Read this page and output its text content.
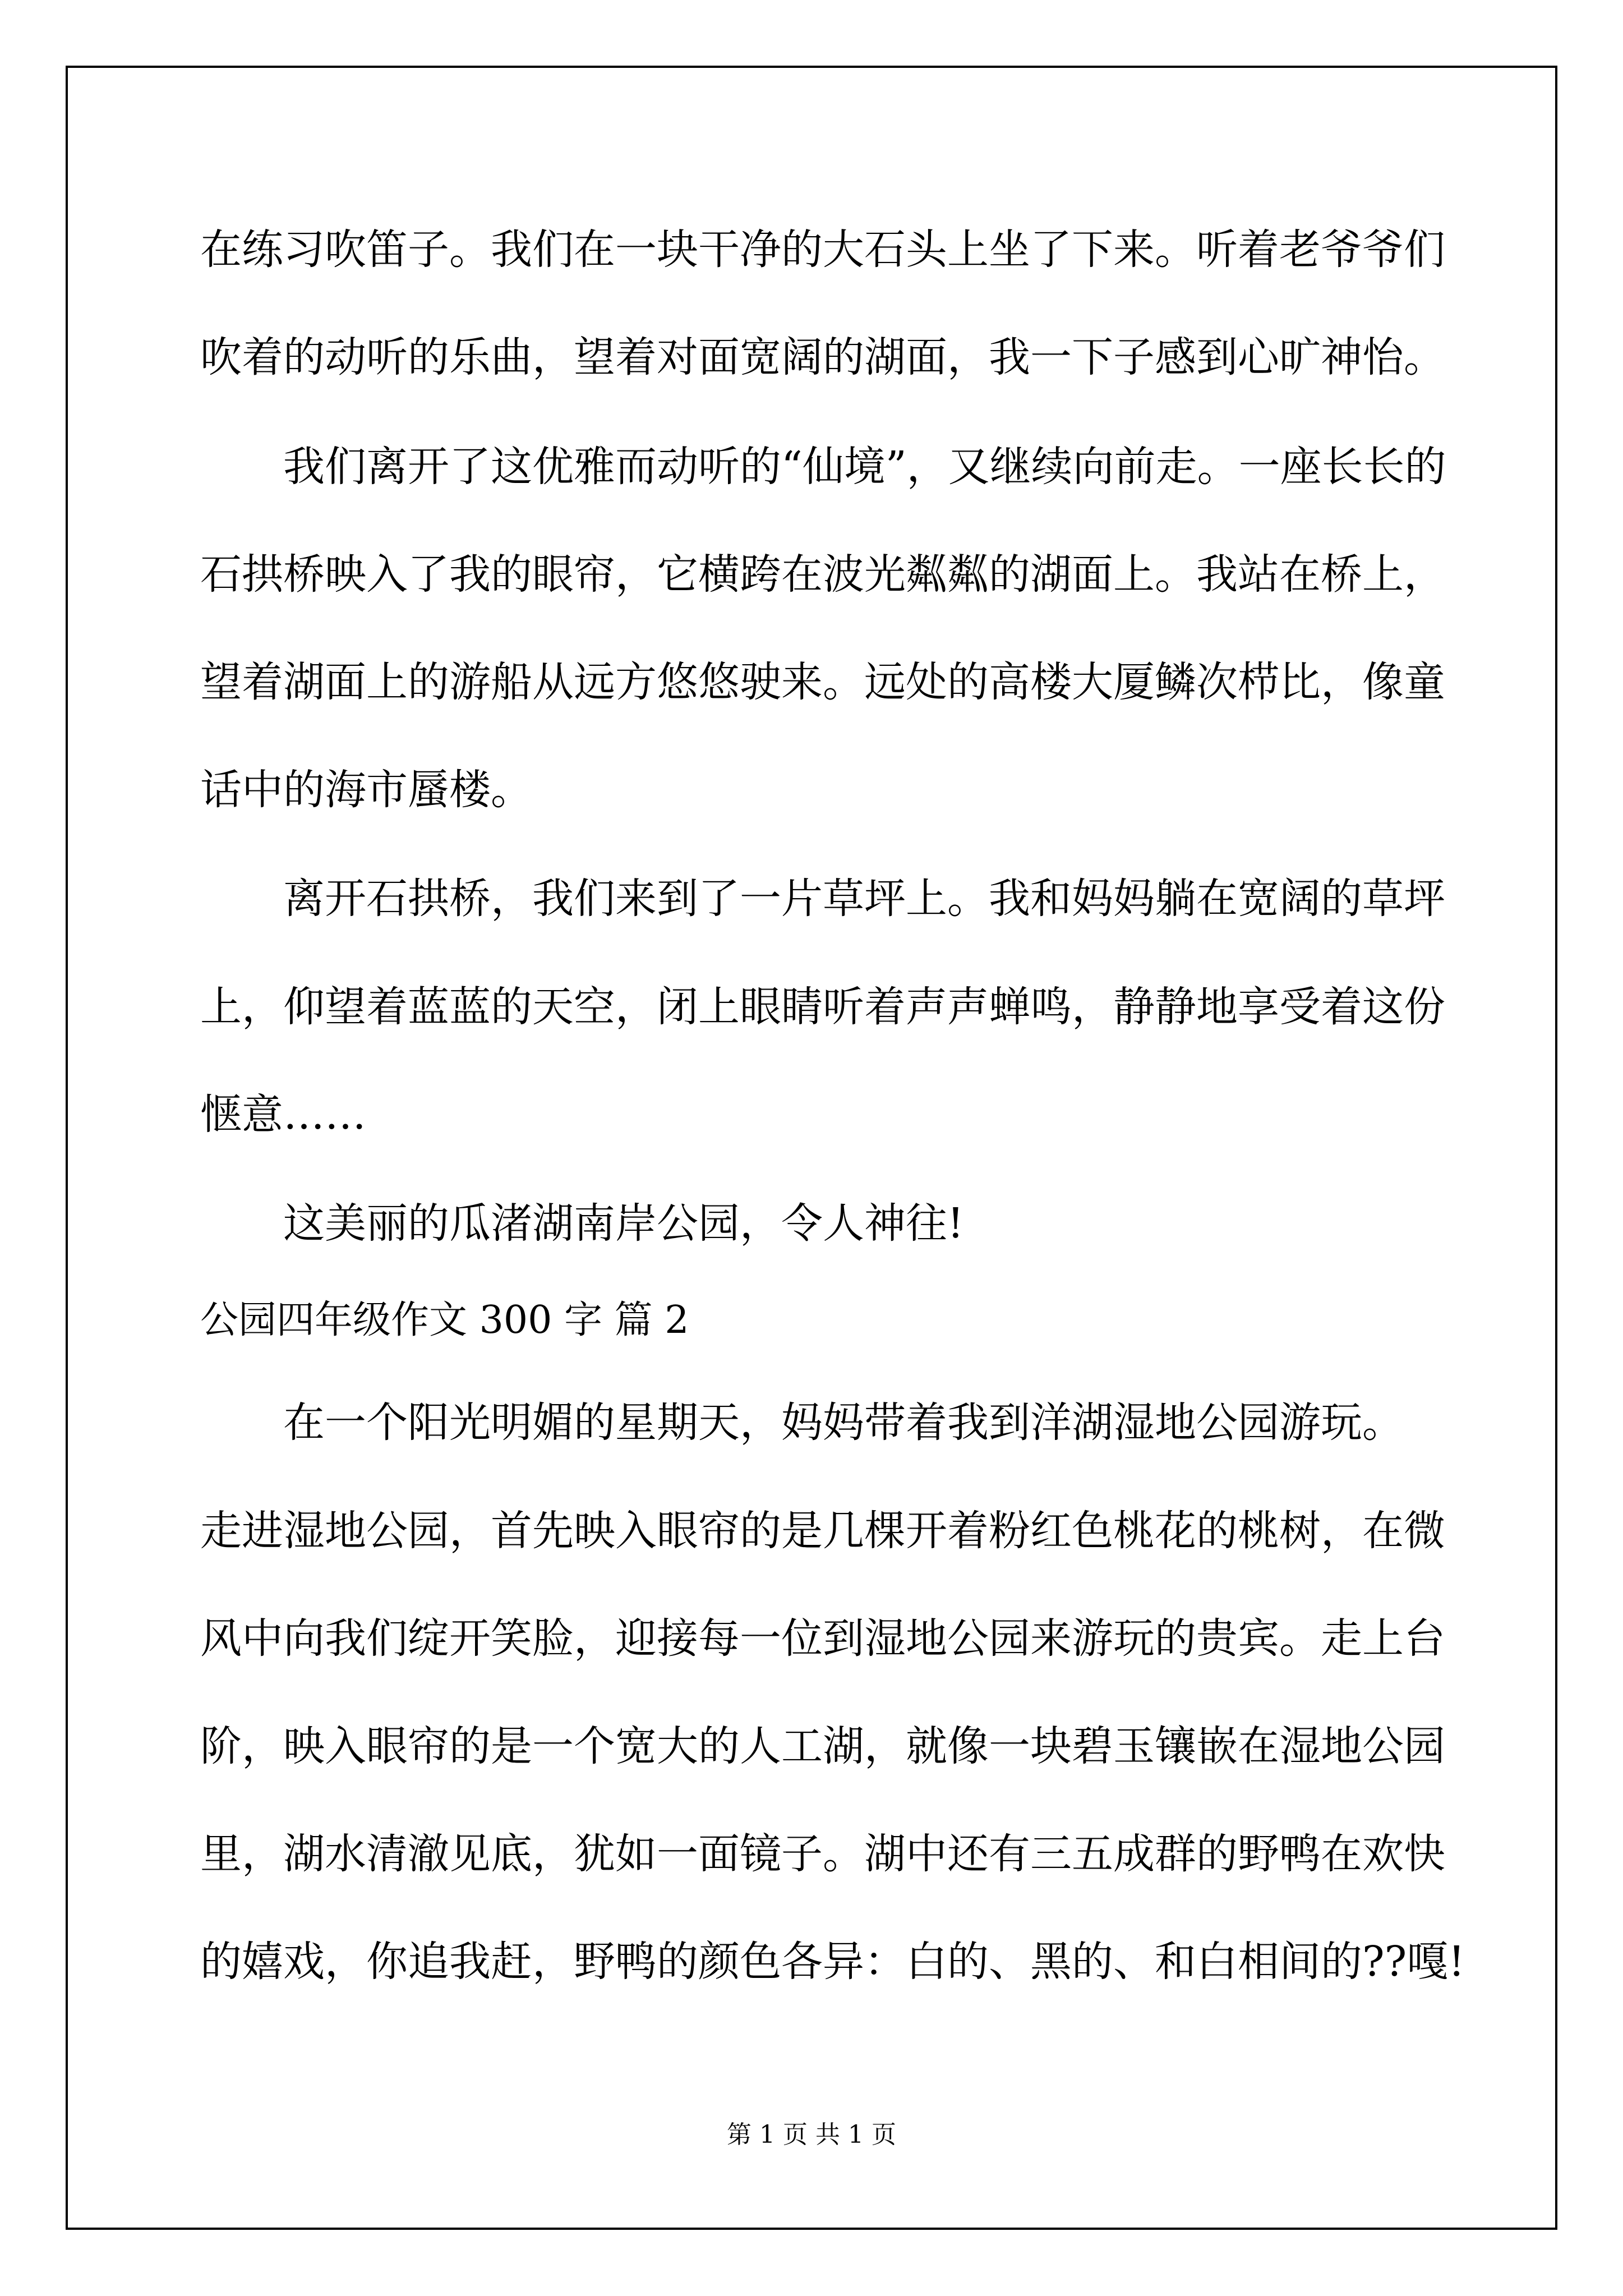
在练习吹笛子。我们在一块干净的大石头上坐了下来。听着老爷爷们
吹着的动听的乐曲，望着对面宽阔的湖面，我一下子感到心旷神怡。
我们离开了这优雅而动听的“仙境”，又继续向前走。一座长长的
石拱桥映入了我的眼帘，它横跨在波光粼粼的湖面上。我站在桥上，
望着湖面上的游船从远方悠悠驶来。远处的高楼大厦鳞次栉比，像童
话中的海市蜃楼。
离开石拱桥，我们来到了一片草坪上。我和妈妈躺在宽阔的草坪
上，仰望着蓝蓝的天空，闭上眼睛听着声声蝉鸣，静静地享受着这份
惬意……
这美丽的瓜渚湖南岸公园，令人神往!
公园四年级作文 300 字 篇 2
在一个阳光明媚的星期天，妈妈带着我到洋湖湿地公园游玩。
走进湿地公园，首先映入眼帘的是几棵开着粉红色桃花的桃树，在微
风中向我们绽开笑脸，迎接每一位到湿地公园来游玩的贵宾。走上台
阶，映入眼帘的是一个宽大的人工湖，就像一块碧玉镶嵌在湿地公园
里，湖水清澈见底，犹如一面镜子。湖中还有三五成群的野鸭在欢快
的嬉戏，你追我赶，野鸭的颜色各异：白的、黑的、和白相间的??嘎!
第 1 页 共 1 页
